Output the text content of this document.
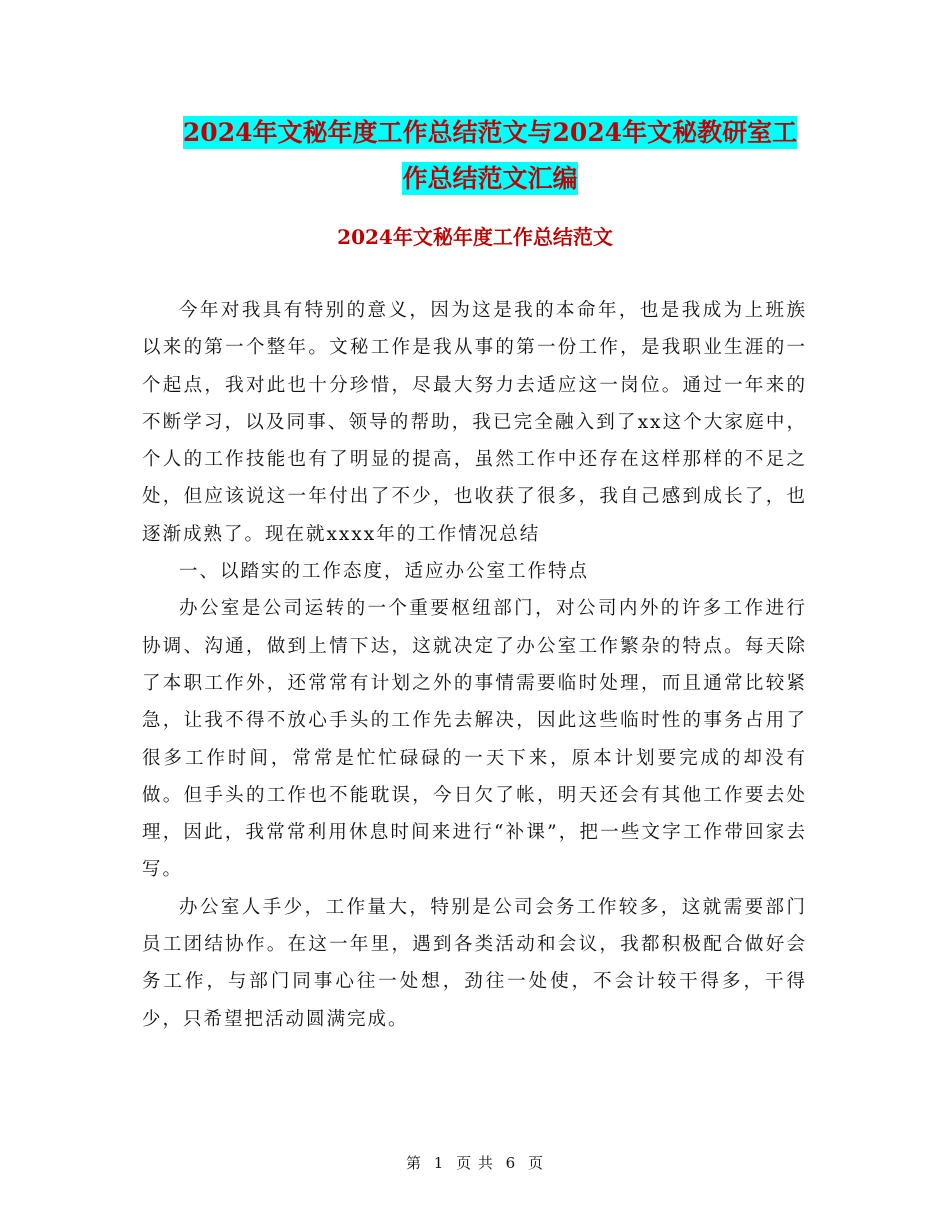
2024年文秘年度工作总结范文与2024年文秘教研室工
作总结范文汇编
2024年文秘年度工作总结范文

今年对我具有特别的意义，因为这是我的本命年，也是我成为上班族以来的第一个整年。文秘工作是我从事的第一份工作，是我职业生涯的一个起点，我对此也十分珍惜，尽最大努力去适应这一岗位。通过一年来的不断学习，以及同事、领导的帮助，我已完全融入到了xx这个大家庭中，个人的工作技能也有了明显的提高，虽然工作中还存在这样那样的不足之处，但应该说这一年付出了不少，也收获了很多，我自己感到成长了，也逐渐成熟了。现在就xxxx年的工作情况总结

一、以踏实的工作态度，适应办公室工作特点

办公室是公司运转的一个重要枢纽部门，对公司内外的许多工作进行协调、沟通，做到上情下达，这就决定了办公室工作繁杂的特点。每天除了本职工作外，还常常有计划之外的事情需要临时处理，而且通常比较紧急，让我不得不放心手头的工作先去解决，因此这些临时性的事务占用了很多工作时间，常常是忙忙碌碌的一天下来，原本计划要完成的却没有做。但手头的工作也不能耽误，今日欠了帐，明天还会有其他工作要去处理，因此，我常常利用休息时间来进行“补课”，把一些文字工作带回家去写。

办公室人手少，工作量大，特别是公司会务工作较多，这就需要部门员工团结协作。在这一年里，遇到各类活动和会议，我都积极配合做好会务工作，与部门同事心往一处想，劲往一处使，不会计较干得多，干得少，只希望把活动圆满完成。

第 1 页 共 6 页
